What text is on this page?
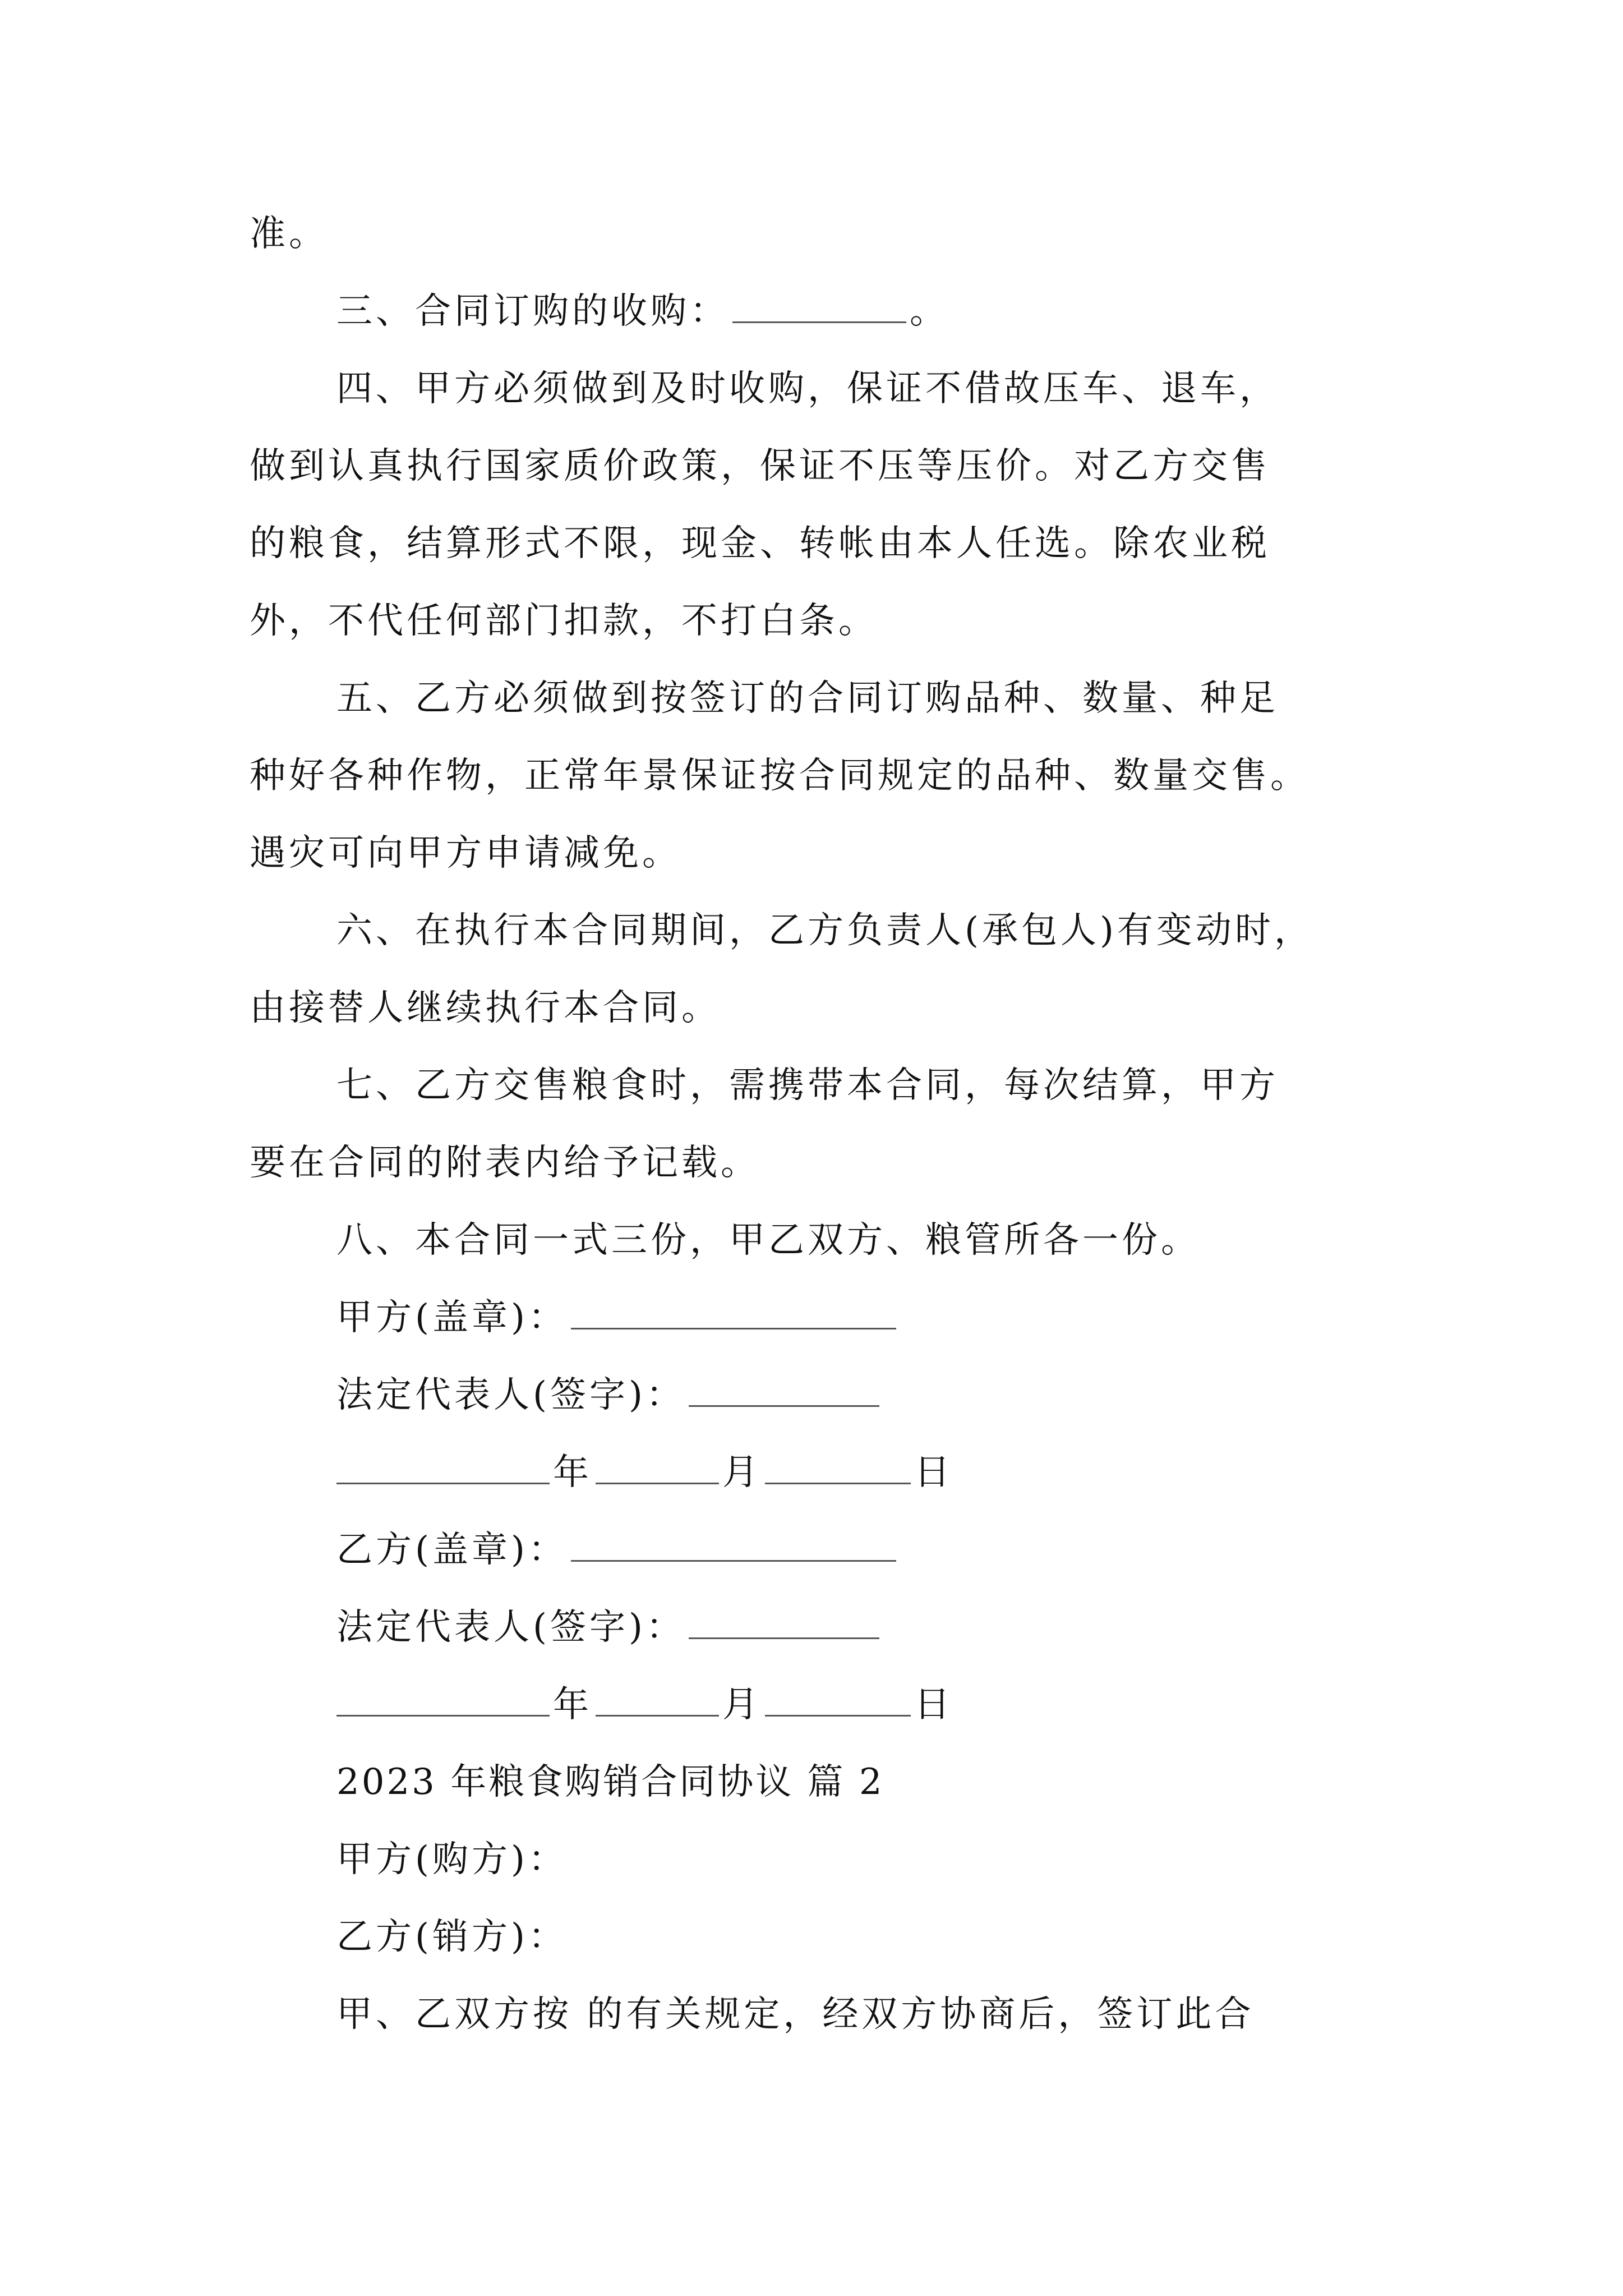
准。
三、合同订购的收购：	。
四、甲方必须做到及时收购，保证不借故压车、退车，
做到认真执行国家质价政策，保证不压等压价。对乙方交售
的粮食，结算形式不限，现金、转帐由本人任选。除农业税
外，不代任何部门扣款，不打白条。
五、乙方必须做到按签订的合同订购品种、数量、种足
种好各种作物，正常年景保证按合同规定的品种、数量交售。
遇灾可向甲方申请减免。
六、在执行本合同期间，乙方负责人(承包人)有变动时，
由接替人继续执行本合同。
七、乙方交售粮食时，需携带本合同，每次结算，甲方
要在合同的附表内给予记载。
八、本合同一式三份，甲乙双方、粮管所各一份。
甲方(盖章)：
法定代表人(签字)：
年	月	日
乙方(盖章)：
法定代表人(签字)：
年	月	日
2023 年粮食购销合同协议 篇 2
甲方(购方)：
乙方(销方)：
甲、乙双方按 的有关规定，经双方协商后，签订此合
